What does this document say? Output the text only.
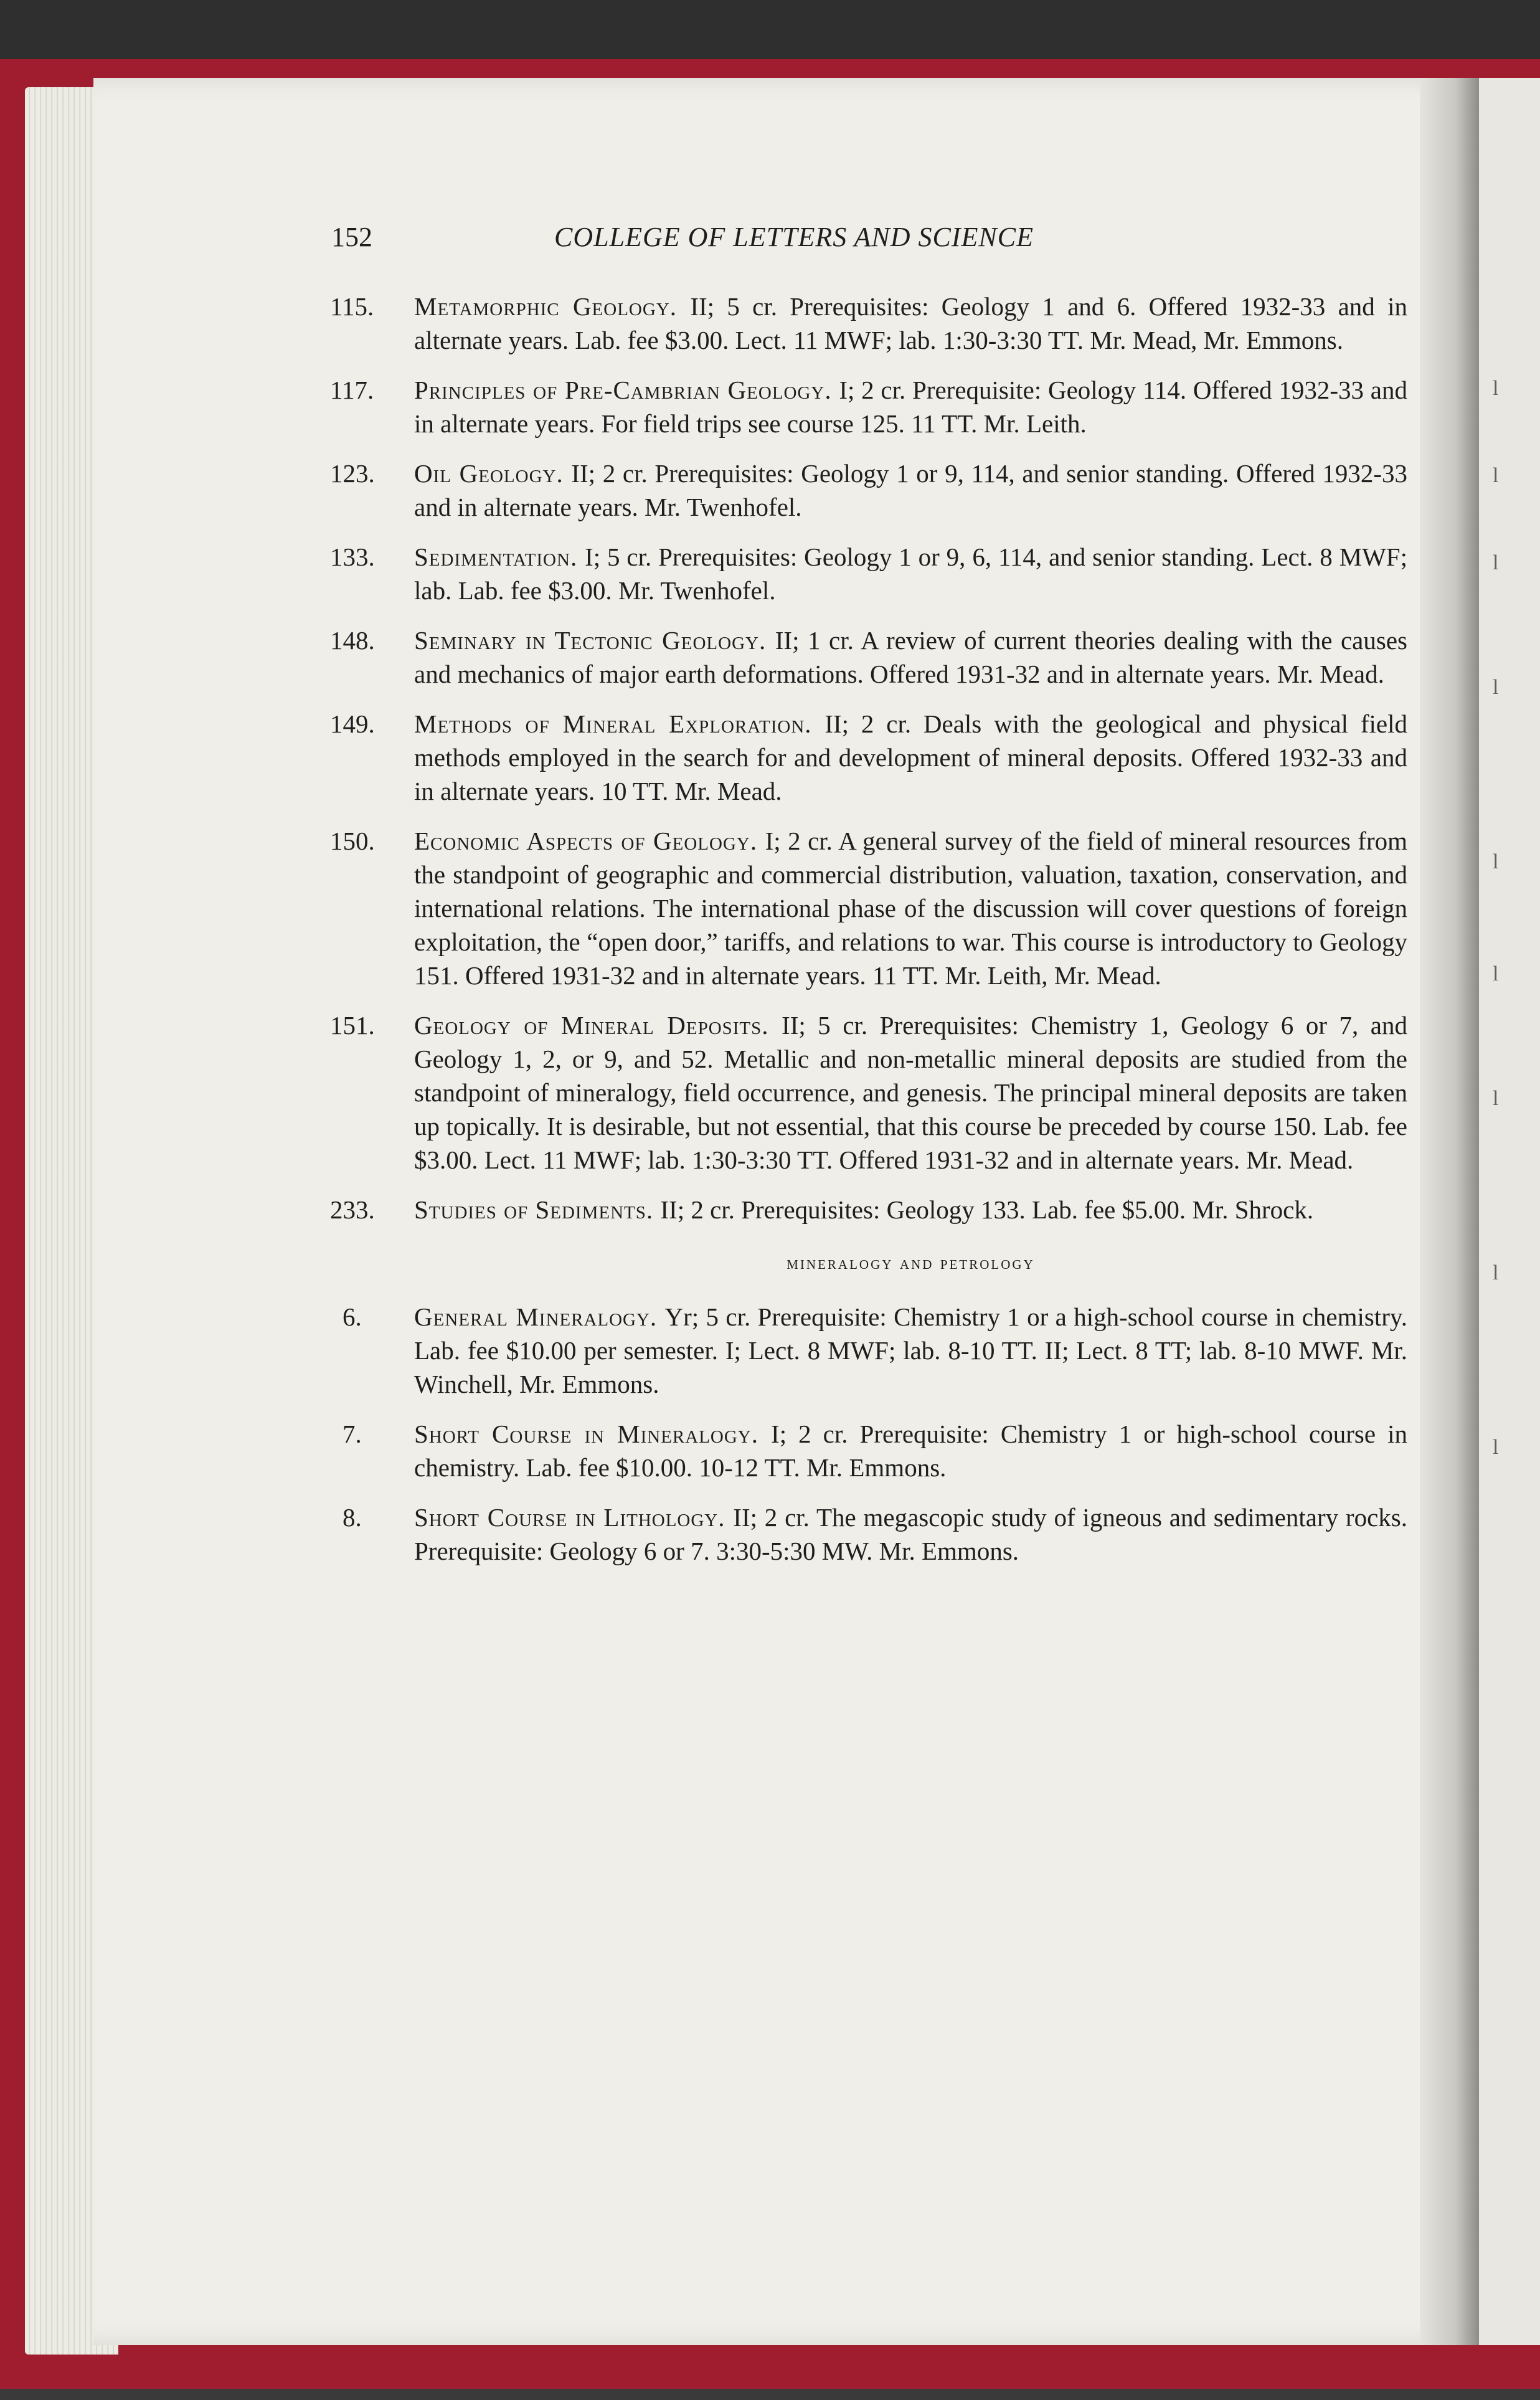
l
l
l
l
l
l
l
l
l
152	COLLEGE OF LETTERS AND SCIENCE
115. Metamorphic Geology. II; 5 cr. Prerequisites: Geology 1 and 6. Offered 1932-33 and in alternate years. Lab. fee $3.00. Lect. 11 MWF; lab. 1:30-3:30 TT. Mr. Mead, Mr. Emmons.
117. Principles of Pre-Cambrian Geology. I; 2 cr. Prerequisite: Geology 114. Offered 1932-33 and in alternate years. For field trips see course 125. 11 TT. Mr. Leith.
123. Oil Geology. II; 2 cr. Prerequisites: Geology 1 or 9, 114, and senior standing. Offered 1932-33 and in alternate years. Mr. Twenhofel.
133. Sedimentation. I; 5 cr. Prerequisites: Geology 1 or 9, 6, 114, and senior standing. Lect. 8 MWF; lab. Lab. fee $3.00. Mr. Twenhofel.
148. Seminary in Tectonic Geology. II; 1 cr. A review of current theories dealing with the causes and mechanics of major earth deformations. Offered 1931-32 and in alternate years. Mr. Mead.
149. Methods of Mineral Exploration. II; 2 cr. Deals with the geological and physical field methods employed in the search for and development of mineral deposits. Offered 1932-33 and in alternate years. 10 TT. Mr. Mead.
150. Economic Aspects of Geology. I; 2 cr. A general survey of the field of mineral resources from the standpoint of geographic and commercial distribution, valuation, taxation, conservation, and international relations. The international phase of the discussion will cover questions of foreign exploitation, the “open door,” tariffs, and relations to war. This course is introductory to Geology 151. Offered 1931-32 and in alternate years. 11 TT. Mr. Leith, Mr. Mead.
151. Geology of Mineral Deposits. II; 5 cr. Prerequisites: Chemistry 1, Geology 6 or 7, and Geology 1, 2, or 9, and 52. Metallic and non-metallic mineral deposits are studied from the standpoint of mineralogy, field occurrence, and genesis. The principal mineral deposits are taken up topically. It is desirable, but not essential, that this course be preceded by course 150. Lab. fee $3.00. Lect. 11 MWF; lab. 1:30-3:30 TT. Offered 1931-32 and in alternate years. Mr. Mead.
233. Studies of Sediments. II; 2 cr. Prerequisites: Geology 133. Lab. fee $5.00. Mr. Shrock.
mineralogy and petrology
6. General Mineralogy. Yr; 5 cr. Prerequisite: Chemistry 1 or a high-school course in chemistry. Lab. fee $10.00 per semester. I; Lect. 8 MWF; lab. 8-10 TT. II; Lect. 8 TT; lab. 8-10 MWF. Mr. Winchell, Mr. Emmons.
7. Short Course in Mineralogy. I; 2 cr. Prerequisite: Chemistry 1 or high-school course in chemistry. Lab. fee $10.00. 10-12 TT. Mr. Emmons.
8. Short Course in Lithology. II; 2 cr. The megascopic study of igneous and sedimentary rocks. Prerequisite: Geology 6 or 7. 3:30-5:30 MW. Mr. Emmons.
